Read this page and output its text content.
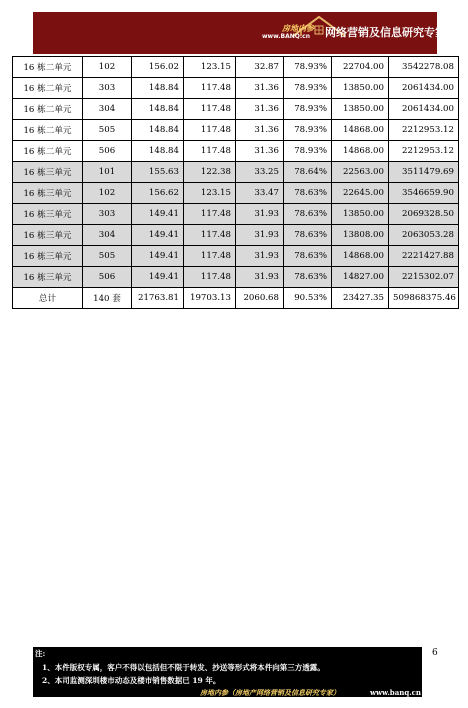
房地内参
www.BANQ.cn 网络营销及信息研究专家
16 栋二单元	102	156.02	123.15	32.87	78.93%	22704.00	3542278.08
16 栋二单元	303	148.84	117.48	31.36	78.93%	13850.00	2061434.00
16 栋二单元	304	148.84	117.48	31.36	78.93%	13850.00	2061434.00
16 栋二单元	505	148.84	117.48	31.36	78.93%	14868.00	2212953.12
16 栋二单元	506	148.84	117.48	31.36	78.93%	14868.00	2212953.12
16 栋三单元	101	155.63	122.38	33.25	78.64%	22563.00	3511479.69
16 栋三单元	102	156.62	123.15	33.47	78.63%	22645.00	3546659.90
16 栋三单元	303	149.41	117.48	31.93	78.63%	13850.00	2069328.50
16 栋三单元	304	149.41	117.48	31.93	78.63%	13808.00	2063053.28
16 栋三单元	505	149.41	117.48	31.93	78.63%	14868.00	2221427.88
16 栋三单元	506	149.41	117.48	31.93	78.63%	14827.00	2215302.07
总计	140 套	21763.81	19703.13	2060.68	90.53%	23427.35	509868375.46
注:
1、本件版权专属，客户不得以包括但不限于转发、抄送等形式将本件向第三方透露。
2、本司监测深圳楼市动态及楼市销售数据已 19 年。
房地内参（房地产网络营销及信息研究专家）	www.banq.cn
6
